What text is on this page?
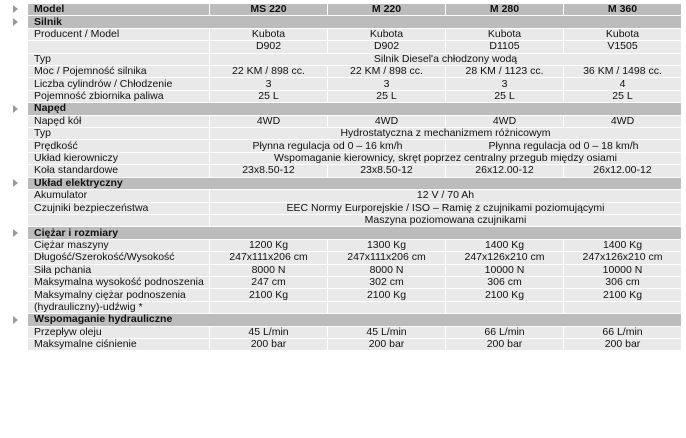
	Model	MS 220	M 220	M 280	M 360
	Silnik				
	Producent / Model	Kubota	Kubota	Kubota	Kubota
		D902	D902	D1105	V1505
	Typ	Silnik Diesel'a chłodzony wodą			
	Moc / Pojemność silnika	22 KM / 898 cc.	22 KM / 898 cc.	28 KM / 1123 cc.	36 KM / 1498 cc.
	Liczba cylindrów / Chłodzenie	3	3	3	4
	Pojemność zbiornika paliwa	25 L	25 L	25 L	25 L
	Napęd				
	Napęd kół	4WD	4WD	4WD	4WD
	Typ	Hydrostatyczna z mechanizmem różnicowym			
	Prędkość	Płynna regulacja od 0 – 16 km/h		Płynna regulacja od 0 – 18 km/h	
	Układ kierowniczy	Wspomaganie kierownicy, skręt poprzez centralny przegub między osiami			
	Koła standardowe	23x8.50-12	23x8.50-12	26x12.00-12	26x12.00-12
	Układ elektryczny				
	Akumulator	12 V / 70 Ah			
	Czujniki bezpieczeństwa	EEC Normy Eurporejskie / ISO – Ramię z czujnikami poziomującymi			
		Maszyna poziomowana czujnikami			
	Ciężar i rozmiary				
	Ciężar maszyny	1200 Kg	1300 Kg	1400 Kg	1400 Kg
	Długość/Szerokość/Wysokość	247x111x206 cm	247x111x206 cm	247x126x210 cm	247x126x210 cm
	Siła pchania	8000 N	8000 N	10000 N	10000 N
	Maksymalna wysokość podnoszenia	247 cm	302 cm	306 cm	306 cm
	Maksymalny ciężar podnoszenia	2100 Kg	2100 Kg	2100 Kg	2100 Kg
	(hydrauliczny)-udźwig *				
	Wspomaganie hydrauliczne				
	Przepływ oleju	45 L/min	45 L/min	66 L/min	66 L/min
	Maksymalne ciśnienie	200 bar	200 bar	200 bar	200 bar
